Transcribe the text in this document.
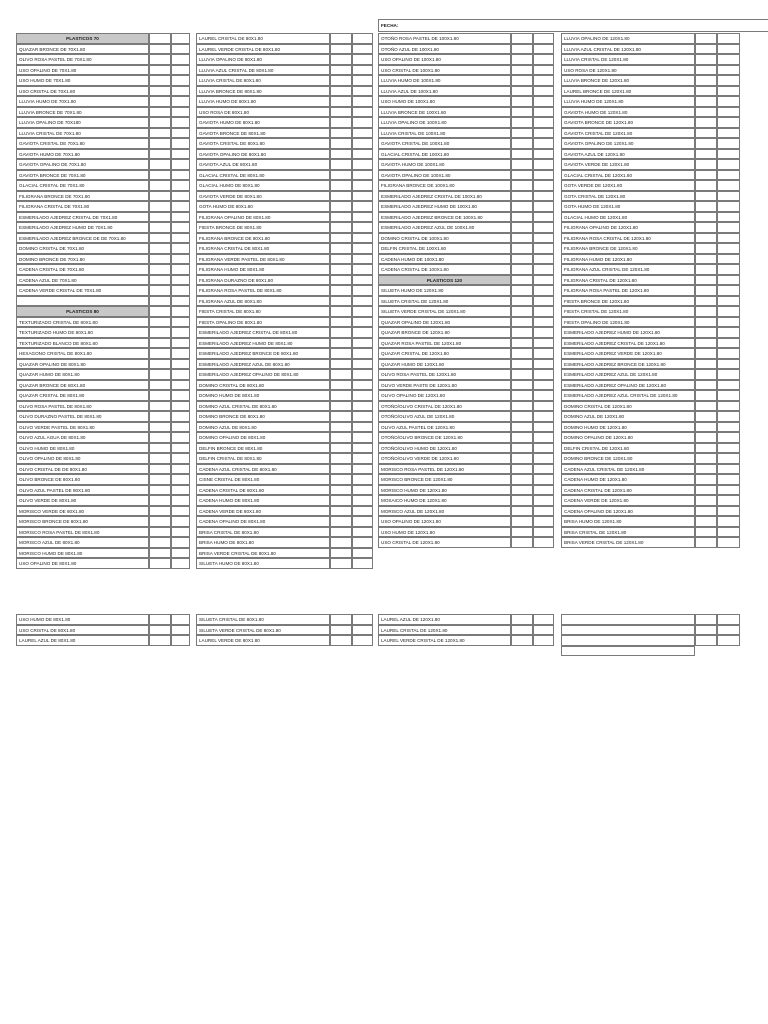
FECHA:
PLASTICOS 70
QUAZAR BRONCE DE 70X1.80
OLIVO ROSA PASTEL DE 70X1.80
USO OPALINO DE 70X1.80
USO HUMO DE 70X1.80
USO CRISTAL DE 70X1.80
LLUVIA HUMO DE 70X1.80
LLUVIA BRONCE DE 70X1.80
LLUVIA OPALINO DE 70X180
LLUVIA CRISTAL DE 70X1.80
GAVIOTA CRISTAL DE 70X1.80
GAVIOTA HUMO DE 70X1.80
GAVIOTA OPALINO DE 70X1.80
GAVIOTA BRONCE DE 70X1.80
GLACIAL CRISTAL DE 70X1.80
FILIGRANA BRONCE DE 70X1.80
FILIGRANA CRISTAL DE 70X1.80
ESMERILADO AJEDREZ CRISTAL DE 70X1.80
ESMERILADO AJEDREZ HUMO DE 70X1.80
ESMERILADO AJEDREZ BRONCE DE DE 70X1.80
DOMINO CRISTAL DE 70X1.80
DOMINO BRONCE DE 70X1.80
CADENA CRISTAL DE 70X1.80
CADENA AZUL DE 70X1.80
CADENA VERDE CRISTAL DE 70X1.80
PLASTICOS 80
TEXTURIZADO CRISTAL DE 80X1.80
TEXTURIZADO HUMO DE 80X1.80
TEXTURIZADO BLANCO DE 80X1.80
HEXAGONO CRISTAL DE 80X1.80
QUAZAR OPALINO DE 80X1.80
QUAZAR HUMO DE 80X1.80
QUAZAR BRONCE DE 80X1.80
QUAZAR CRISTAL DE 80X1.80
OLIVO ROSA PASTEL DE 80X1.80
OLIVO DURAZNO PASTEL DE 80X1.80
OLIVO VERDE PASTEL DE 80X1.80
OLIVO AZUL AGUA DE 80X1.80
OLIVO HUMO DE 80X1.80
OLIVO OPALINO DE 80X1.80
OLIVO CRISTAL DE DE 80X1.80
OLIVO BRONCE DE 80X1.80
OLIVO AZUL PASTEL DE 80X1.80
OLIVO VERDE DE 80X1.80
MORISCO VERDE DE 80X1.80
MORISCO BRONCE DE 80X1.80
MORISCO ROSA PASTEL DE 80X1.80
MORISCO AZUL DE 80X1.80
MORISCO HUMO DE 80X1.80
USO OPALINO DE 80X1.80
LAUREL CRISTAL DE 80X1.80
LAUREL VERDE CRISTAL DE 80X1.80
LLUVIA OPALINO DE 80X1.80
LLUVIA AZUL CRISTAL DE 80X1.80
LLUVIA CRISTAL DE 80X1.80
LLUVIA BRONCE DE 80X1.80
LLUVIA HUMO DE 80X1.80
USO ROSA DE 80X1.80
GAVIOTA HUMO DE 80X1.80
GAVIOTA BRONCE DE 80X1.80
GAVIOTA CRISTAL DE 80X1.80
GAVIOTA OPALINO DE 80X1.80
GAVIOTA AZUL DE 80X1.80
GLACIAL CRISTAL DE 80X1.80
GLACIAL HUMO DE 80X1.80
GAVIOTA VERDE DE 80X1.80
GOTA HUMO DE 80X1.80
FILIGRANA OPALINO DE 80X1.80
FIESTA BRONCE DE 80X1.80
FILIGRANA BRONCE DE 80X1.80
FILIGRANA CRISTAL DE 80X1.80
FILIGRANA VERDE PASTEL DE 80X1.80
FILIGRANA HUMO DE 80X1.80
FILIGRANA DURAZNO DE 80X1.80
FILIGRANA ROSA PASTEL DE 80X1.80
FILIGRANA AZUL DE 80X1.80
FIESTA CRISTAL DE 80X1.80
FIESTA OPALINO DE 80X1.80
ESMERILADO AJEDREZ CRISTAL DE 80X1.80
ESMERILADO AJEDREZ HUMO DE 80X1.80
ESMERILADO AJEDREZ BRONCE DE 80X1.80
ESMERILADO AJEDREZ AZUL DE 80X1.80
ESMERILADO AJEDREZ OPALINO DE 80X1.80
DOMINO CRISTAL DE 80X1.80
DOMINO HUMO DE 80X1.80
DOMINO AZUL CRISTAL DE 80X1.80
DOMINO BRONCE DE 80X1.80
DOMINO AZUL DE 80X1.80
DOMINO OPALINO DE 80X1.80
DELFIN BRONCE DE 80X1.80
DELFIN CRISTAL DE 80X1.80
CADENA AZUL CRISTAL DE 80X1.80
CISNE CRISTAL DE 80X1.80
CADENA CRISTAL DE 80X1.80
CADENA HUMO DE 80X1.80
CADENA VERDE DE 80X1.80
CADENA OPALINO DE 80X1.80
BRISA CRISTAL DE 80X1.80
BRISA HUMO DE 80X1.80
BRISA VERDE CRISTAL DE 80X1.80
SILUETA HUMO DE 80X1.80
OTOÑO ROSA PASTEL DE 100X1.80
OTOÑO AZUL DE 100X1.80
USO OPALINO DE 100X1.80
USO CRISTAL DE 100X1.80
LLUVIA HUMO DE 100X1.80
LLUVIA AZUL DE 100X1.80
USO HUMO DE 100X1.80
LLUVIA BRONCE DE 100X1.80
LLUVIA OPALINO DE 100X1.80
LLUVIA CRISTAL DE 100X1.80
GAVIOTA CRISTAL DE 100X1.80
GLACIAL CRISTAL DE 100X1.80
GAVIOTA HUMO DE 100X1.80
GAVIOTA OPALINO DE 100X1.80
FILIGRANA BRONCE DE 100X1.80
ESMERILADO AJEDREZ CRISTAL DE 100X1.80
ESMERILADO AJEDREZ HUMO DE 100X1.80
ESMERILADO AJEDREZ BRONCE DE 100X1.80
ESMERILADO AJEDREZ AZUL DE 100X1.80
DOMINO CRISTAL DE 100X1.80
DELFIN CRISTAL DE 100X1.80
CADENA HUMO DE 100X1.80
CADENA CRISTAL DE 100X1.80
PLASTICOS 120
SILUETA HUMO DE 120X1.80
SILUETA CRISTAL DE 120X1.80
SILUETA VERDE CRISTAL DE 120X1.80
QUAZAR OPALINO DE 120X1.80
QUAZAR BRONCE DE 120X1.80
QUAZAR ROSA PASTEL DE 120X1.80
QUAZAR CRISTAL DE 120X1.80
QUAZAR HUMO DE 120X1.80
OLIVO ROSA PASTEL DE 120X1.80
OLIVO VERDE PASTE DE 120X1.80
OLIVO OPALINO DE 120X1.80
OTOÑO/OLIVO CRISTAL DE 120X1.80
OTOÑO/OLIVO AZUL DE 120X1.80
OLIVO AZUL PASTEL DE 120X1.80
OTOÑO/OLIVO BRONCE DE 120X1.80
OTOÑO/OLIVO HUMO DE 120X1.80
OTOÑO/OLIVO VERDE DE 120X1.80
MORISCO ROSA PASTEL DE 120X1.80
MORISCO BRONCE DE 120X1.80
MORISCO HUMO DE 120X1.80
MOSAICO HUMO DE 120X1.80
MORISCO AZUL DE 120X1.80
USO OPALINO DE 120X1.80
USO HUMO DE 120X1.80
USO CRISTAL DE 120X1.80
LLUVIA OPALINO DE 120X1.80
LLUVIA AZUL CRISTAL DE 120X1.80
LLUVIA CRISTAL DE 120X1.80
USO ROSA DE 120X1.80
LLUVIA BRONCE DE 120X1.80
LAUREL BRONCE DE 120X1.80
LLUVIA HUMO DE 120X1.80
GAVIOTA HUMO DE 120X1.80
GAVIOTA BRONCE DE 120X1.80
GAVIOTA CRISTAL DE 120X1.80
GAVIOTA OPALINO DE 120X1.80
GAVIOTA AZUL DE 120X1.80
GAVIOTA VERDE DE 120X1.80
GLACIAL CRISTAL DE 120X1.80
GOTA VERDE DE 120X1.80
GOTA CRISTAL DE 120X1.80
GOTA HUMO DE 120X1.80
GLACIAL HUMO DE 120X1.80
FILIGRANA OPALINO DE 120X1.80
FILIGRANA ROSA CRISTAL DE 120X1.80
FILIGRANA BRONCE DE 120X1.80
FILIGRANA HUMO DE 120X1.80
FILIGRANA AZUL CRISTAL DE 120X1.80
FILIGRANA CRISTAL DE 120X1.80
FILIGRANA ROSA PASTEL DE 120X1.80
FIESTA BRONCE DE 120X1.80
FIESTA CRISTAL DE 120X1.80
FIESTA OPALINO DE 120X1.80
ESMERILADO AJEDREZ HUMO DE 120X1.80
ESMERILADO AJEDREZ CRISTAL DE 120X1.80
ESMERILADO AJEDREZ VERDE DE 120X1.80
ESMERILADO AJEDREZ BRONCE DE 120X1.80
ESMERILADO AJEDREZ AZUL DE 120X1.80
ESMERILADO AJEDREZ OPALINO DE 120X1.80
ESMERILADO AJEDREZ AZUL CRISTAL DE 120X1.80
DOMINO CRISTAL DE 120X1.80
DOMINO AZUL DE 120X1.80
DOMINO HUMO DE 120X1.80
DOMINO OPALINO DE 120X1.80
DELFIN CRISTAL DE 120X1.80
DOMINO BRONCE DE 120X1.80
CADENA AZUL CRISTAL DE 120X1.80
CADENA HUMO DE 120X1.80
CADENA CRISTAL DE 120X1.80
CADENA VERDE DE 120X1.80
CADENA OPALINO DE 120X1.80
BRISA HUMO DE 120X1.80
BRISA CRISTAL DE 120X1.80
BRISA VERDE CRISTAL DE 120X1.80
USO HUMO DE 80X1.80
USO CRISTAL DE 80X1.80
LAUREL AZUL DE 80X1.80
SILUETA CRISTAL DE 80X1.80
SILUETA VERDE CRISTAL DE 80X1.80
LAUREL VERDE DE 80X1.80
LAUREL AZUL DE 120X1.80
LAUREL CRISTAL DE 120X1.80
LAUREL VERDE CRISTAL DE 120X1.80
